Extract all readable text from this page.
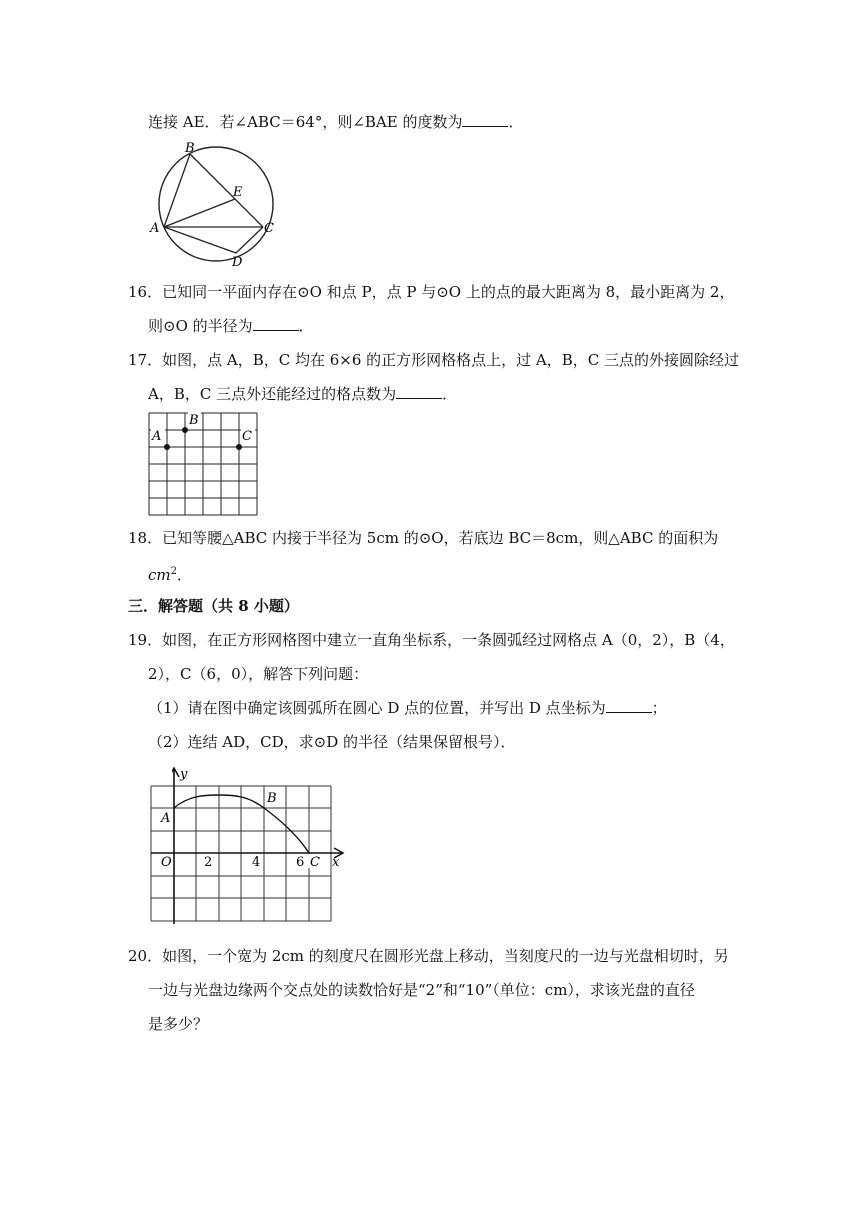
连接 AE．若∠ABC＝64°，则∠BAE 的度数为	．
B
E
A	C
D
16．已知同一平面内存在⊙O 和点 P，点 P 与⊙O 上的点的最大距离为 8，最小距离为 2，
则⊙O 的半径为	．
17．如图，点 A，B，C 均在 6×6 的正方形网格格点上，过 A，B，C 三点的外接圆除经过
A，B，C 三点外还能经过的格点数为	．
A
B
C
18．已知等腰△ABC 内接于半径为 5cm 的⊙O，若底边 BC＝8cm，则△ABC 的面积为
$cm^2$．
三．解答题（共 8 小题）
19．如图，在正方形网格图中建立一直角坐标系，一条圆弧经过网格点 A（0，2），B（4，
2），C（6，0），解答下列问题：
（1）请在图中确定该圆弧所在圆心 D 点的位置，并写出 D 点坐标为	；
（2）连结 AD，CD，求⊙D 的半径（结果保留根号）．
y
A
B
O 2	4	6 C x
20．如图，一个宽为 2cm 的刻度尺在圆形光盘上移动，当刻度尺的一边与光盘相切时，另
一边与光盘边缘两个交点处的读数恰好是“2”和“10”（单位：cm），求该光盘的直径
是多少？
